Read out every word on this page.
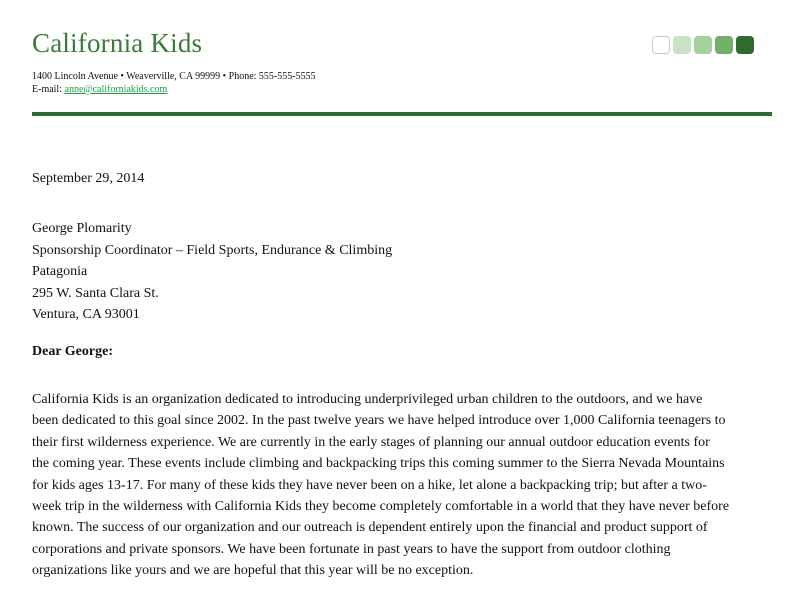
California Kids
1400 Lincoln Avenue • Weaverville, CA 99999 • Phone: 555-555-5555
E-mail: anne@californiakids.com
September 29, 2014
George Plomarity
Sponsorship Coordinator – Field Sports, Endurance & Climbing
Patagonia
295 W. Santa Clara St.
Ventura, CA 93001
Dear George:
California Kids is an organization dedicated to introducing underprivileged urban children to the outdoors, and we have
been dedicated to this goal since 2002. In the past twelve years we have helped introduce over 1,000 California teenagers to
their first wilderness experience. We are currently in the early stages of planning our annual outdoor education events for
the coming year. These events include climbing and backpacking trips this coming summer to the Sierra Nevada Mountains
for kids ages 13-17. For many of these kids they have never been on a hike, let alone a backpacking trip; but after a two-
week trip in the wilderness with California Kids they become completely comfortable in a world that they have never before
known. The success of our organization and our outreach is dependent entirely upon the financial and product support of
corporations and private sponsors. We have been fortunate in past years to have the support from outdoor clothing
organizations like yours and we are hopeful that this year will be no exception.
